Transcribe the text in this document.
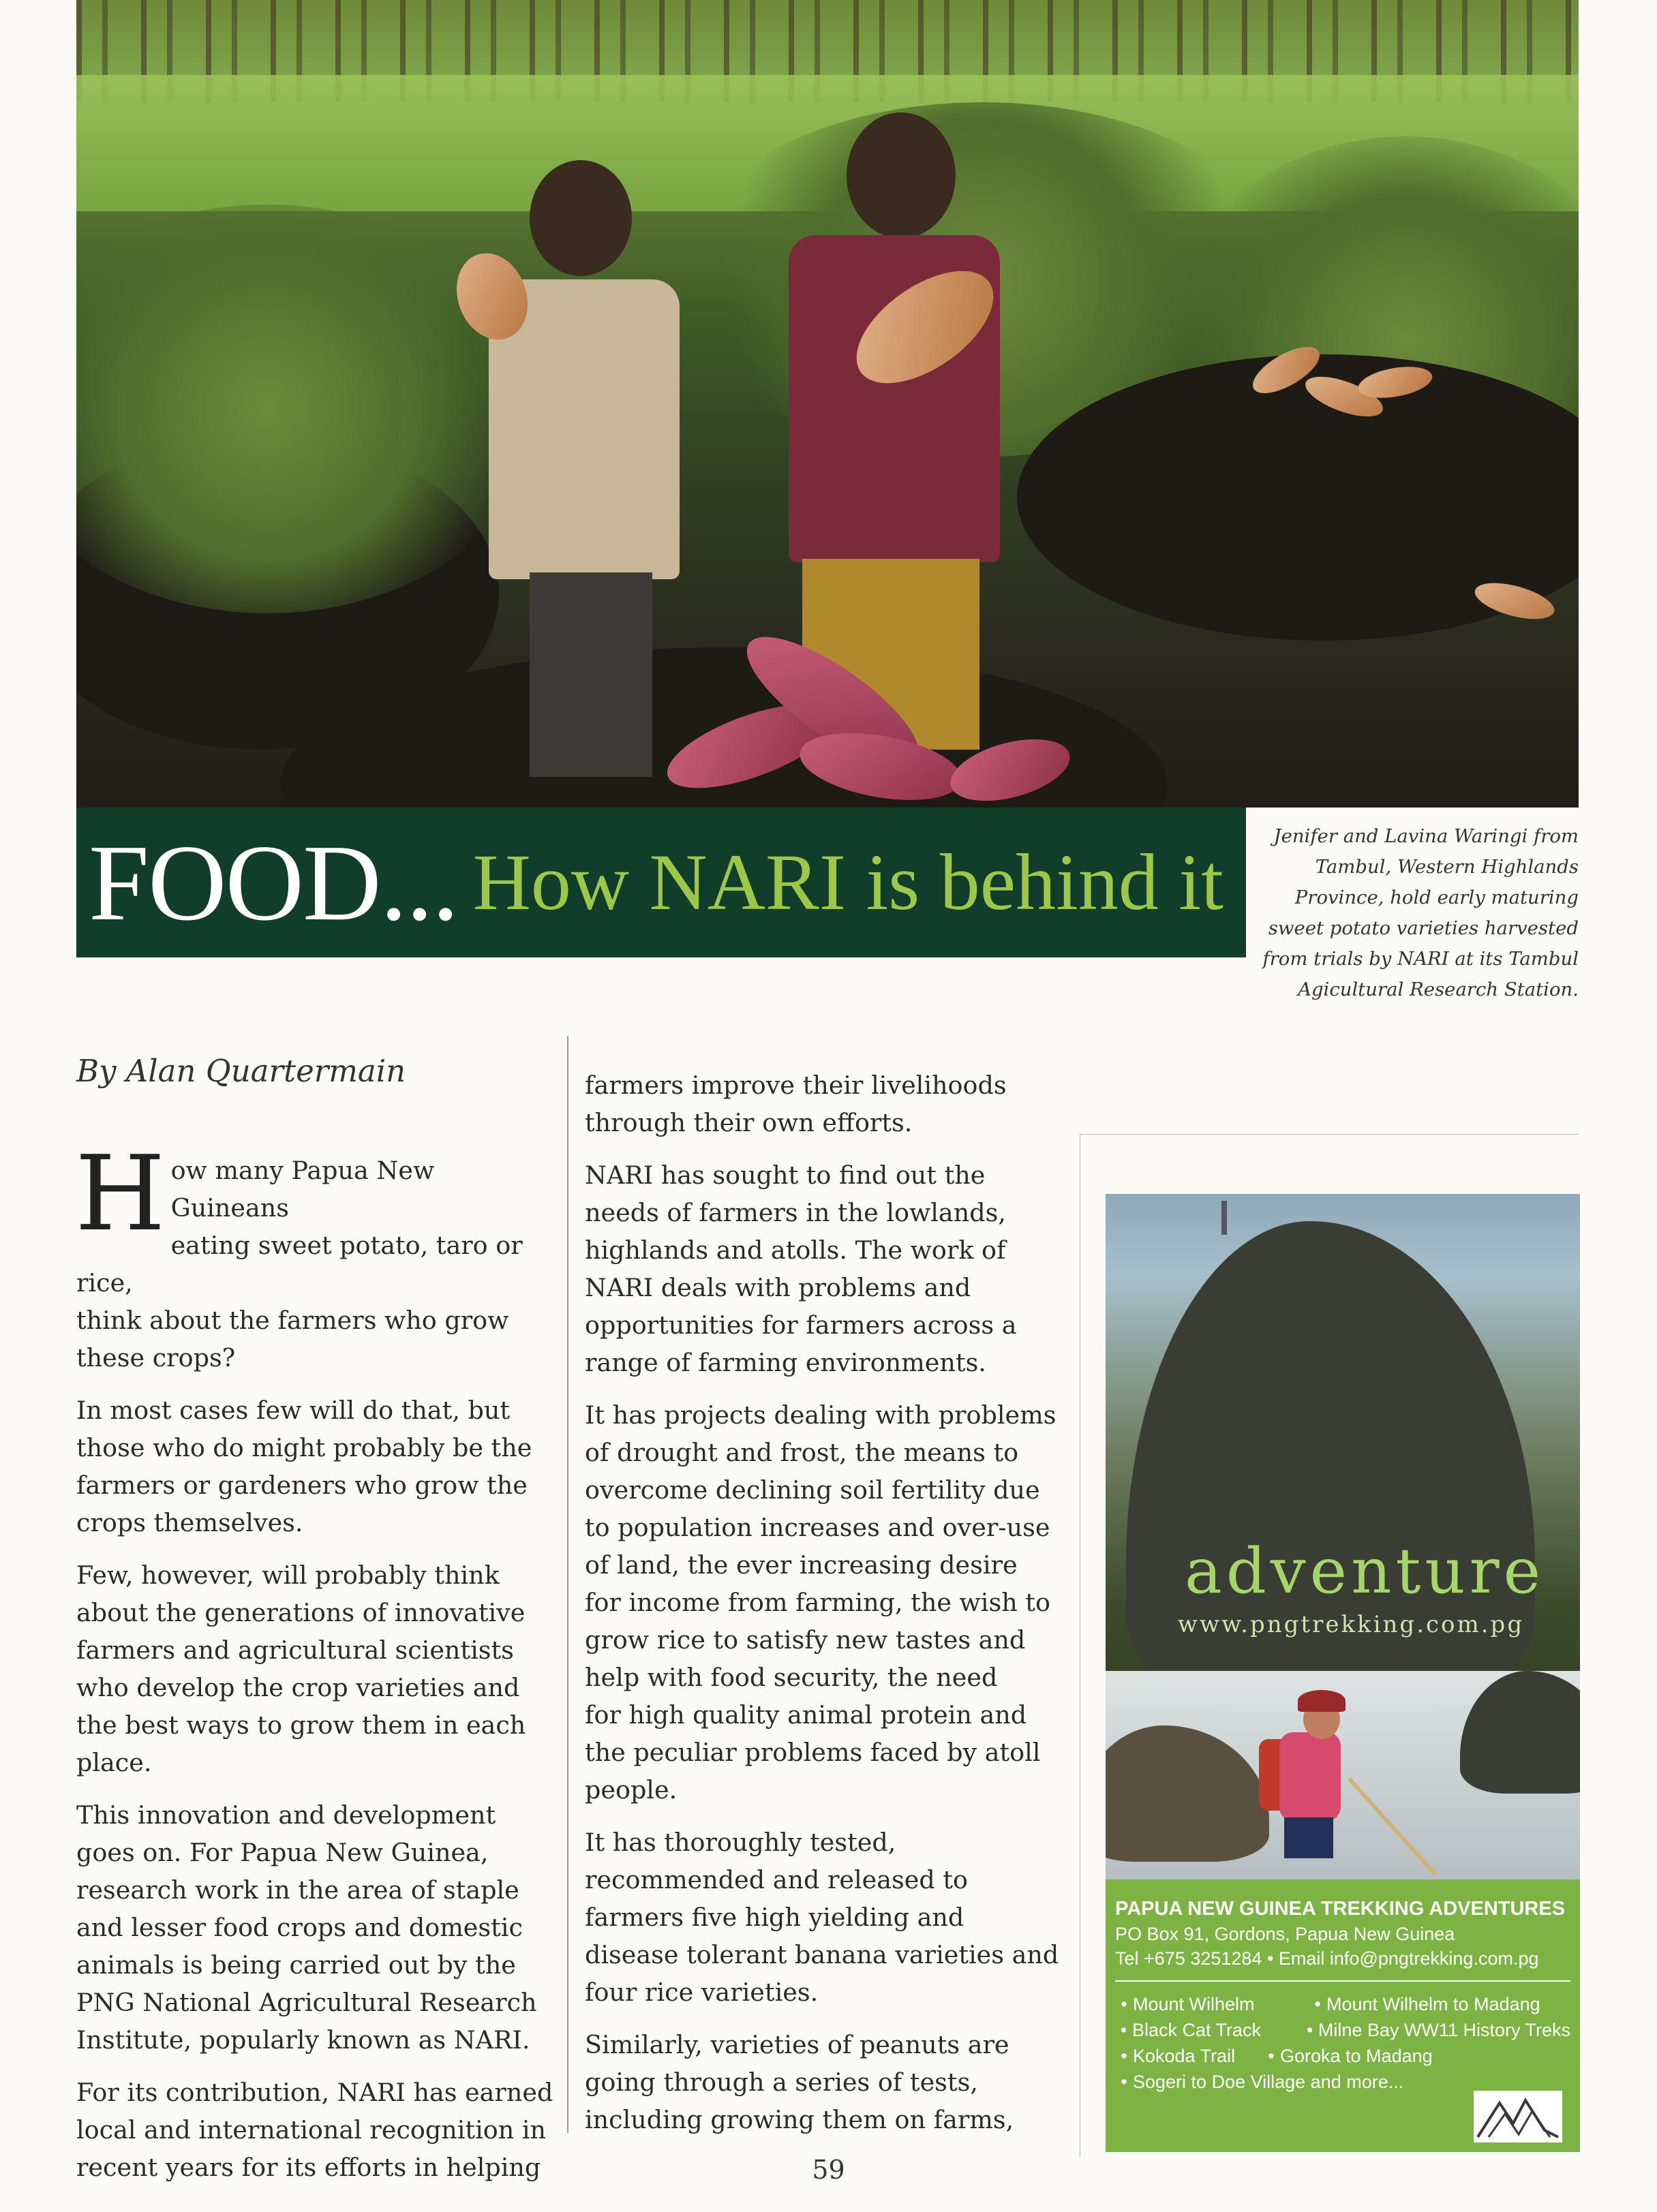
FOOD... How NARI is behind it
Jenifer and Lavina Waringi from
Tambul, Western Highlands
Province, hold early maturing
sweet potato varieties harvested
from trials by NARI at its Tambul
Agicultural Research Station.
By Alan Quartermain

H ow many Papua New Guineans
eating sweet potato, taro or rice,
think about the farmers who grow
these crops?

In most cases few will do that, but
those who do might probably be the
farmers or gardeners who grow the
crops themselves.

Few, however, will probably think
about the generations of innovative
farmers and agricultural scientists
who develop the crop varieties and
the best ways to grow them in each
place.

This innovation and development
goes on. For Papua New Guinea,
research work in the area of staple
and lesser food crops and domestic
animals is being carried out by the
PNG National Agricultural Research
Institute, popularly known as NARI.

For its contribution, NARI has earned
local and international recognition in
recent years for its efforts in helping

farmers improve their livelihoods
through their own efforts.

NARI has sought to find out the
needs of farmers in the lowlands,
highlands and atolls. The work of
NARI deals with problems and
opportunities for farmers across a
range of farming environments.

It has projects dealing with problems
of drought and frost, the means to
overcome declining soil fertility due
to population increases and over-use
of land, the ever increasing desire
for income from farming, the wish to
grow rice to satisfy new tastes and
help with food security, the need
for high quality animal protein and
the peculiar problems faced by atoll
people.

It has thoroughly tested,
recommended and released to
farmers five high yielding and
disease tolerant banana varieties and
four rice varieties.

Similarly, varieties of peanuts are
going through a series of tests,
including growing them on farms,

adventure
www.pngtrekking.com.pg
PAPUA NEW GUINEA TREKKING ADVENTURES
PO Box 91, Gordons, Papua New Guinea
Tel +675 3251284 • Email info@pngtrekking.com.pg
• Mount Wilhelm	• Mount Wilhelm to Madang
• Black Cat Track	• Milne Bay WW11 History Treks
• Kokoda Trail	• Goroka to Madang
• Sogeri to Doe Village and more...
59
